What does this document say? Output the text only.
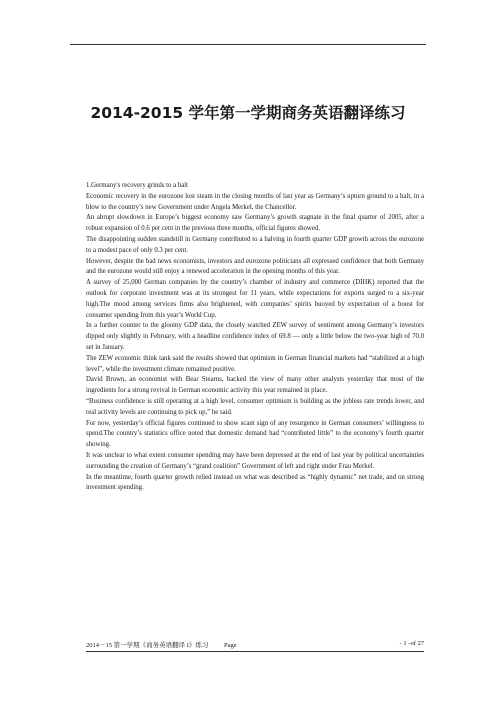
2014-2015 学年第一学期商务英语翻译练习

1.Germany's recovery grinds to a halt

Economic recovery in the eurozone lost steam in the closing months of last year as Germany’s upturn ground to a halt, in a blow to the country’s new Government under Angela Merkel, the Chancellor.

An abrupt slowdown in Europe’s biggest economy saw Germany’s growth stagnate in the final quarter of 2005, after a robust expansion of 0.6 per cent in the previous three months, official figures showed.

The disappointing sudden standstill in Germany contributed to a halving in fourth quarter GDP growth across the eurozone to a modest pace of only 0.3 per cent.

However, despite the bad news economists, investors and eurozone politicians all expressed confidence that both Germany and the eurozone would still enjoy a renewed acceleration in the opening months of this year.

A survey of 25,000 German companies by the country’s chamber of industry and commerce (DIHK) reported that the outlook for corporate investment was at its strongest for 11 years, while expectations for exports surged to a six-year high.The mood among services firms also brightened, with companies’ spirits buoyed by expectation of a boost for consumer spending from this year’s World Cup.

In a further counter to the gloomy GDP data, the closely watched ZEW survey of sentiment among Germany’s investors dipped only slightly in February, with a headline confidence index of 69.8 — only a little below the two-year high of 70.0 set in January.

The ZEW economic think tank said the results showed that optimism in German financial markets had “stabilized at a high level”, while the investment climate remained positive.

David Brown, an economist with Bear Stearns, backed the view of many other analysts yesterday that most of the ingredients for a strong revival in German economic activity this year remained in place.

“Business confidence is still operating at a high level, consumer optimism is building as the jobless rate trends lower, and real activity levels are continuing to pick up,” he said.

For now, yesterday’s official figures continued to show scant sign of any resurgence in German consumers’ willingness to spend.The country’s statistics office noted that domestic demand had “contributed little” to the economy’s fourth quarter showing.

It was unclear to what extent consumer spending may have been depressed at the end of last year by political uncertainties surrounding the creation of Germany’s “grand coalition” Government of left and right under Frau Merkel.

In the meantime, fourth quarter growth relied instead on what was described as “highly dynamic” net trade, and on strong investment spending.

2014－15 第一学期《商务英语翻译 I》练习 Page	- 1 -of 27
